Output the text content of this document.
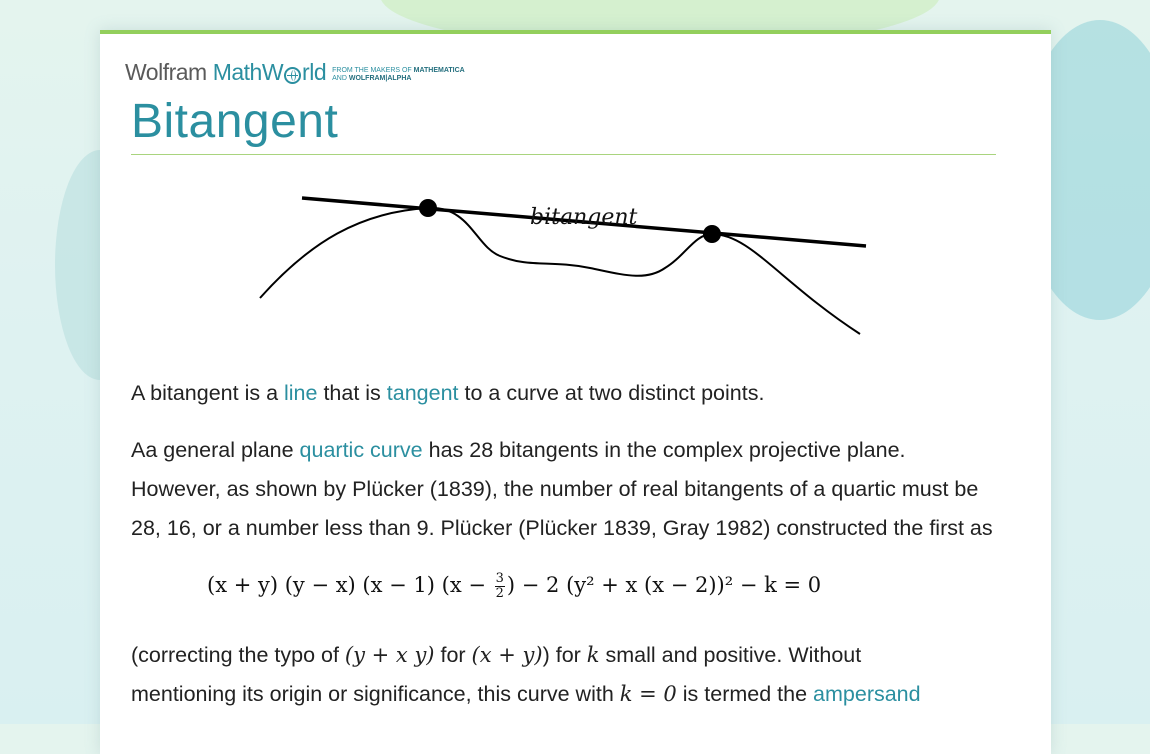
Wolfram MathW rld FROM THE MAKERS OF MATHEMATICA
AND WOLFRAM|ALPHA
Bitangent
bitangent

A bitangent is a line that is tangent to a curve at two distinct points.

Aa general plane quartic curve has 28 bitangents in the complex projective plane. However, as shown by Plücker (1839), the number of real bitangents of a quartic must be 28, 16, or a number less than 9. Plücker (Plücker 1839, Gray 1982) constructed the first as

(x + y) (y − x) (x − 1) ($x - \frac{3}{2}$ ) − 2 (y² + x (x − 2))² − k = 0

(correcting the typo of (y + x y) for (x + y)) for k small and positive. Without
mentioning its origin or significance, this curve with k = 0 is termed the ampersand
